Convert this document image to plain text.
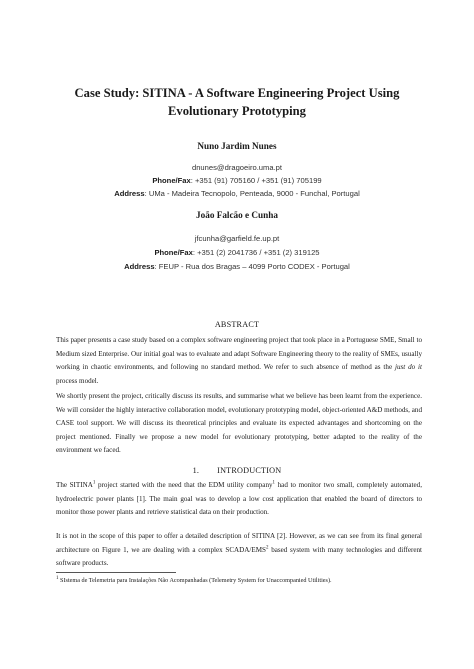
Case Study: SITINA - A Software Engineering Project Using Evolutionary Prototyping
Nuno Jardim Nunes
dnunes@dragoeiro.uma.pt
Phone/Fax: +351 (91) 705160 / +351 (91) 705199
Address: UMa - Madeira Tecnopolo, Penteada, 9000 - Funchal, Portugal
João Falcão e Cunha
jfcunha@garfield.fe.up.pt
Phone/Fax: +351 (2) 2041736 / +351 (2) 319125
Address: FEUP - Rua dos Bragas – 4099 Porto CODEX - Portugal
ABSTRACT

This paper presents a case study based on a complex software engineering project that took place in a Portuguese SME, Small to Medium sized Enterprise. Our initial goal was to evaluate and adapt Software Engineering theory to the reality of SMEs, usually working in chaotic environments, and following no standard method. We refer to such absence of method as the just do it process model.

We shortly present the project, critically discuss its results, and summarise what we believe has been learnt from the experience. We will consider the highly interactive collaboration model, evolutionary prototyping model, object-oriented A&D methods, and CASE tool support. We will discuss its theoretical principles and evaluate its expected advantages and shortcoming on the project mentioned. Finally we propose a new model for evolutionary prototyping, better adapted to the reality of the environment we faced.

1. INTRODUCTION

The SITINA$^1$ project started with the need that the EDM utility company$^1$ had to monitor two small, completely automated, hydroelectric power plants [1]. The main goal was to develop a low cost application that enabled the board of directors to monitor those power plants and retrieve statistical data on their production.

It is not in the scope of this paper to offer a detailed description of SITINA [2]. However, as we can see from its final general architecture on Figure 1, we are dealing with a complex SCADA/EMS$^2$ based system with many technologies and different software products.

$^1$ SIstema de Telemetria para Instalações Não Acompanhadas (Telemetry System for Unaccompanied Utilities).
